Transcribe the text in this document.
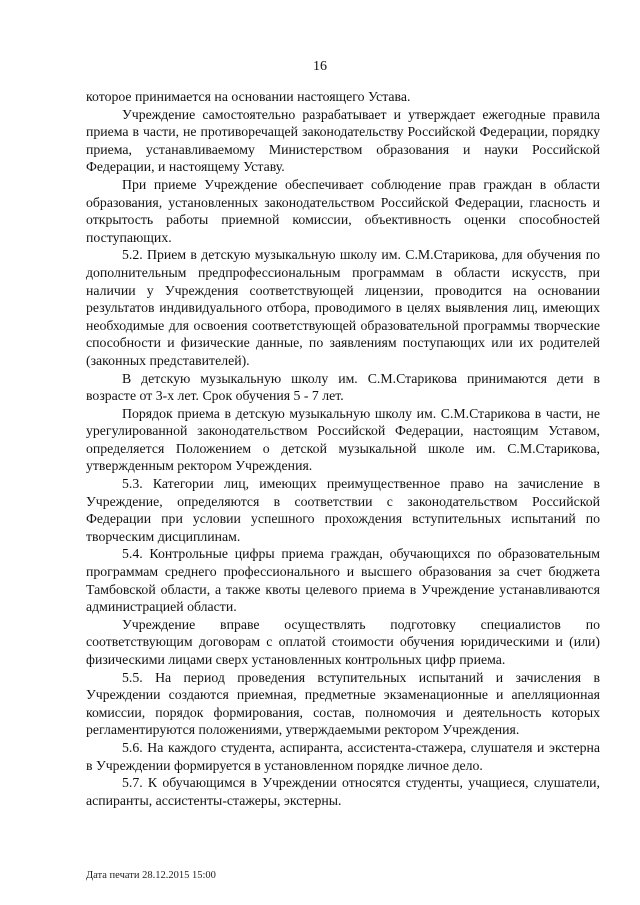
16

которое принимается на основании настоящего Устава.

Учреждение самостоятельно разрабатывает и утверждает ежегодные правила приема в части, не противоречащей законодательству Российской Федерации, порядку приема, устанавливаемому Министерством образования и науки Российской Федерации, и настоящему Уставу.

При приеме Учреждение обеспечивает соблюдение прав граждан в области образования, установленных законодательством Российской Федерации, гласность и открытость работы приемной комиссии, объективность оценки способностей поступающих.

5.2. Прием в детскую музыкальную школу им. С.М.Старикова, для обучения по дополнительным предпрофессиональным программам в области искусств, при наличии у Учреждения соответствующей лицензии, проводится на основании результатов индивидуального отбора, проводимого в целях выявления лиц, имеющих необходимые для освоения соответствующей образовательной программы творческие способности и физические данные, по заявлениям поступающих или их родителей (законных представителей).

В детскую музыкальную школу им. С.М.Старикова принимаются дети в возрасте от 3-х лет. Срок обучения 5 - 7 лет.

Порядок приема в детскую музыкальную школу им. С.М.Старикова в части, не урегулированной законодательством Российской Федерации, настоящим Уставом, определяется Положением о детской музыкальной школе им. С.М.Старикова, утвержденным ректором Учреждения.

5.3. Категории лиц, имеющих преимущественное право на зачисление в Учреждение, определяются в соответствии с законодательством Российской Федерации при условии успешного прохождения вступительных испытаний по творческим дисциплинам.

5.4. Контрольные цифры приема граждан, обучающихся по образовательным программам среднего профессионального и высшего образования за счет бюджета Тамбовской области, а также квоты целевого приема в Учреждение устанавливаются администрацией области.

Учреждение вправе осуществлять подготовку специалистов по соответствующим договорам с оплатой стоимости обучения юридическими и (или) физическими лицами сверх установленных контрольных цифр приема.

5.5. На период проведения вступительных испытаний и зачисления в Учреждении создаются приемная, предметные экзаменационные и апелляционная комиссии, порядок формирования, состав, полномочия и деятельность которых регламентируются положениями, утверждаемыми ректором Учреждения.

5.6. На каждого студента, аспиранта, ассистента-стажера, слушателя и экстерна в Учреждении формируется в установленном порядке личное дело.

5.7. К обучающимся в Учреждении относятся студенты, учащиеся, слушатели, аспиранты, ассистенты-стажеры, экстерны.

Дата печати 28.12.2015 15:00
